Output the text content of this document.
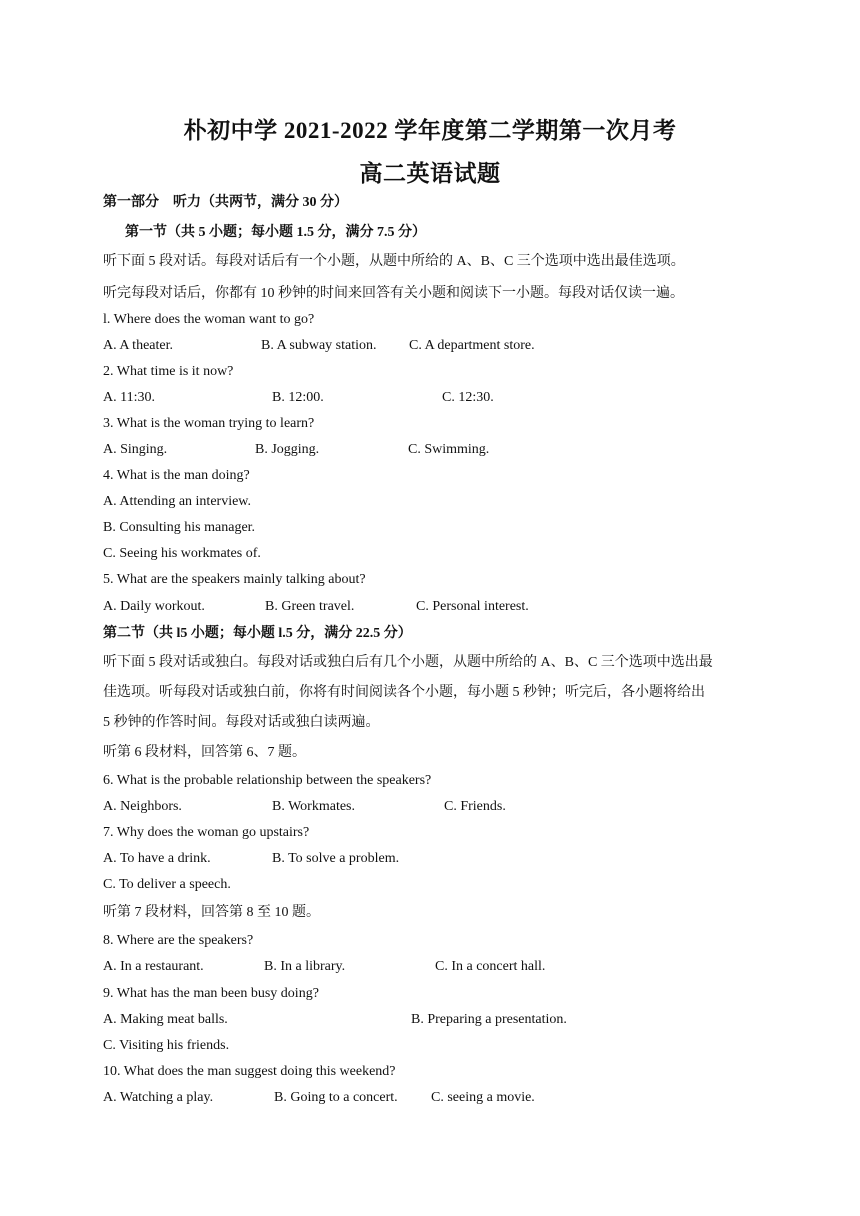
朴初中学 2021-2022 学年度第二学期第一次月考
高二英语试题
第一部分　听力（共两节，满分 30 分）
第一节（共 5 小题；每小题 1.5 分，满分 7.5 分）
听下面 5 段对话。每段对话后有一个小题，从题中所给的 A、B、C 三个选项中选出最佳选项。
听完每段对话后，你都有 10 秒钟的时间来回答有关小题和阅读下一小题。每段对话仅读一遍。
l. Where does the woman want to go?
A. A theater.	B. A subway station. C. A department store.
2. What time is it now?
A. 11:30.	B. 12:00.	C. 12:30.
3. What is the woman trying to learn?
A. Singing.	B. Jogging.	C. Swimming.
4. What is the man doing?
A. Attending an interview.
B. Consulting his manager.
C. Seeing his workmates of.
5. What are the speakers mainly talking about?
A. Daily workout.	B. Green travel.	C. Personal interest.
第二节（共 l5 小题；每小题 l.5 分，满分 22.5 分）
听下面 5 段对话或独白。每段对话或独白后有几个小题，从题中所给的 A、B、C 三个选项中选出最
佳选项。听每段对话或独白前，你将有时间阅读各个小题，每小题 5 秒钟；听完后，各小题将给出
5 秒钟的作答时间。每段对话或独白读两遍。
听第 6 段材料，回答第 6、7 题。
6. What is the probable relationship between the speakers?
A. Neighbors.	B. Workmates.	C. Friends.
7. Why does the woman go upstairs?
A. To have a drink.	B. To solve a problem.
C. To deliver a speech.
听第 7 段材料，回答第 8 至 10 题。
8. Where are the speakers?
A. In a restaurant.	B. In a library.	C. In a concert hall.
9. What has the man been busy doing?
A. Making meat balls.	B. Preparing a presentation.
C. Visiting his friends.
10. What does the man suggest doing this weekend?
A. Watching a play.	B. Going to a concert. C. seeing a movie.
